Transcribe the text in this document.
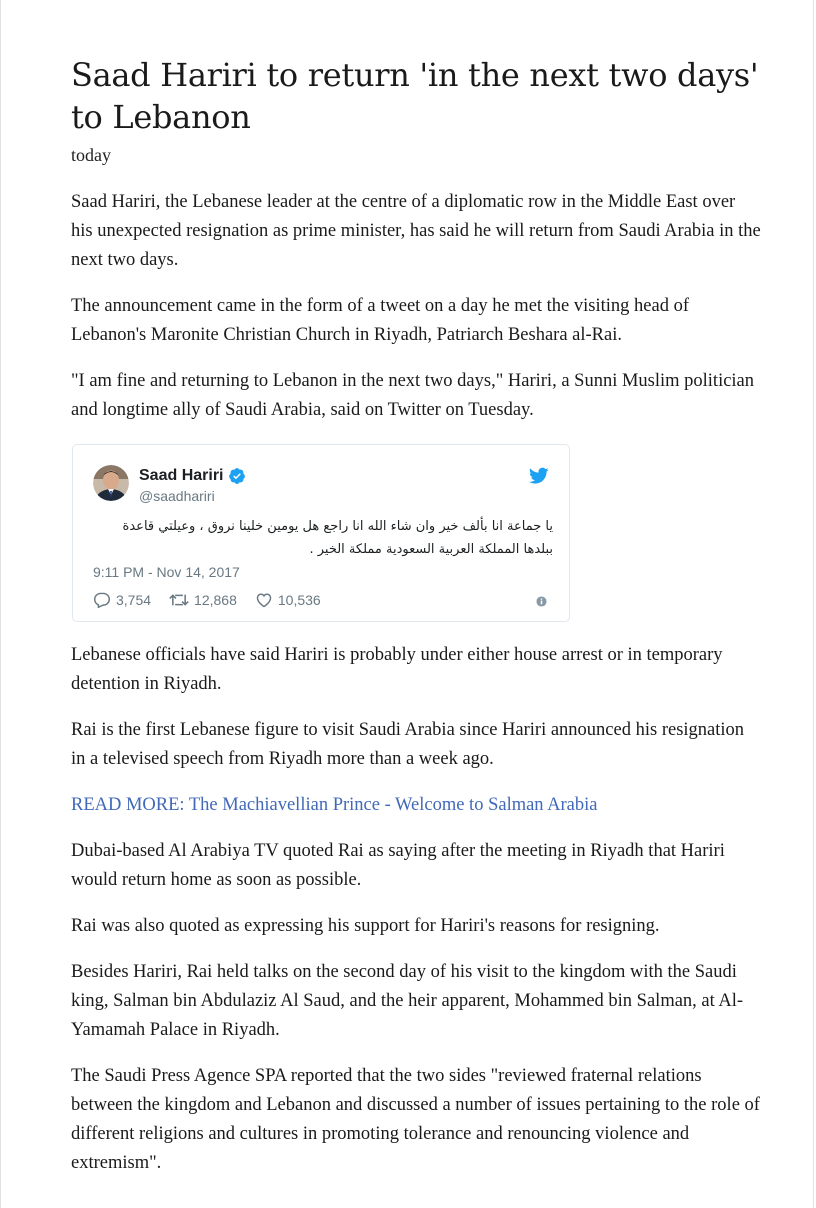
Saad Hariri to return 'in the next two days' to Lebanon
today

Saad Hariri, the Lebanese leader at the centre of a diplomatic row in the Middle East over his unexpected resignation as prime minister, has said he will return from Saudi Arabia in the next two days.

The announcement came in the form of a tweet on a day he met the visiting head of Lebanon's Maronite Christian Church in Riyadh, Patriarch Beshara al-Rai.

"I am fine and returning to Lebanon in the next two days," Hariri, a Sunni Muslim politician and longtime ally of Saudi Arabia, said on Twitter on Tuesday.

Saad Hariri
@saadhariri
يا جماعة انا بألف خير وان شاء الله انا راجع هل يومين خلينا نروق ، وعيلتي قاعدة
ببلدها المملكة العربية السعودية مملكة الخير .
9:11 PM - Nov 14, 2017
3,754	12,868	10,536

Lebanese officials have said Hariri is probably under either house arrest or in temporary detention in Riyadh.

Rai is the first Lebanese figure to visit Saudi Arabia since Hariri announced his resignation in a televised speech from Riyadh more than a week ago.

READ MORE: The Machiavellian Prince - Welcome to Salman Arabia

Dubai-based Al Arabiya TV quoted Rai as saying after the meeting in Riyadh that Hariri would return home as soon as possible.

Rai was also quoted as expressing his support for Hariri's reasons for resigning.

Besides Hariri, Rai held talks on the second day of his visit to the kingdom with the Saudi king, Salman bin Abdulaziz Al Saud, and the heir apparent, Mohammed bin Salman, at Al-Yamamah Palace in Riyadh.

The Saudi Press Agence SPA reported that the two sides "reviewed fraternal relations between the kingdom and Lebanon and discussed a number of issues pertaining to the role of different religions and cultures in promoting tolerance and renouncing violence and extremism".
